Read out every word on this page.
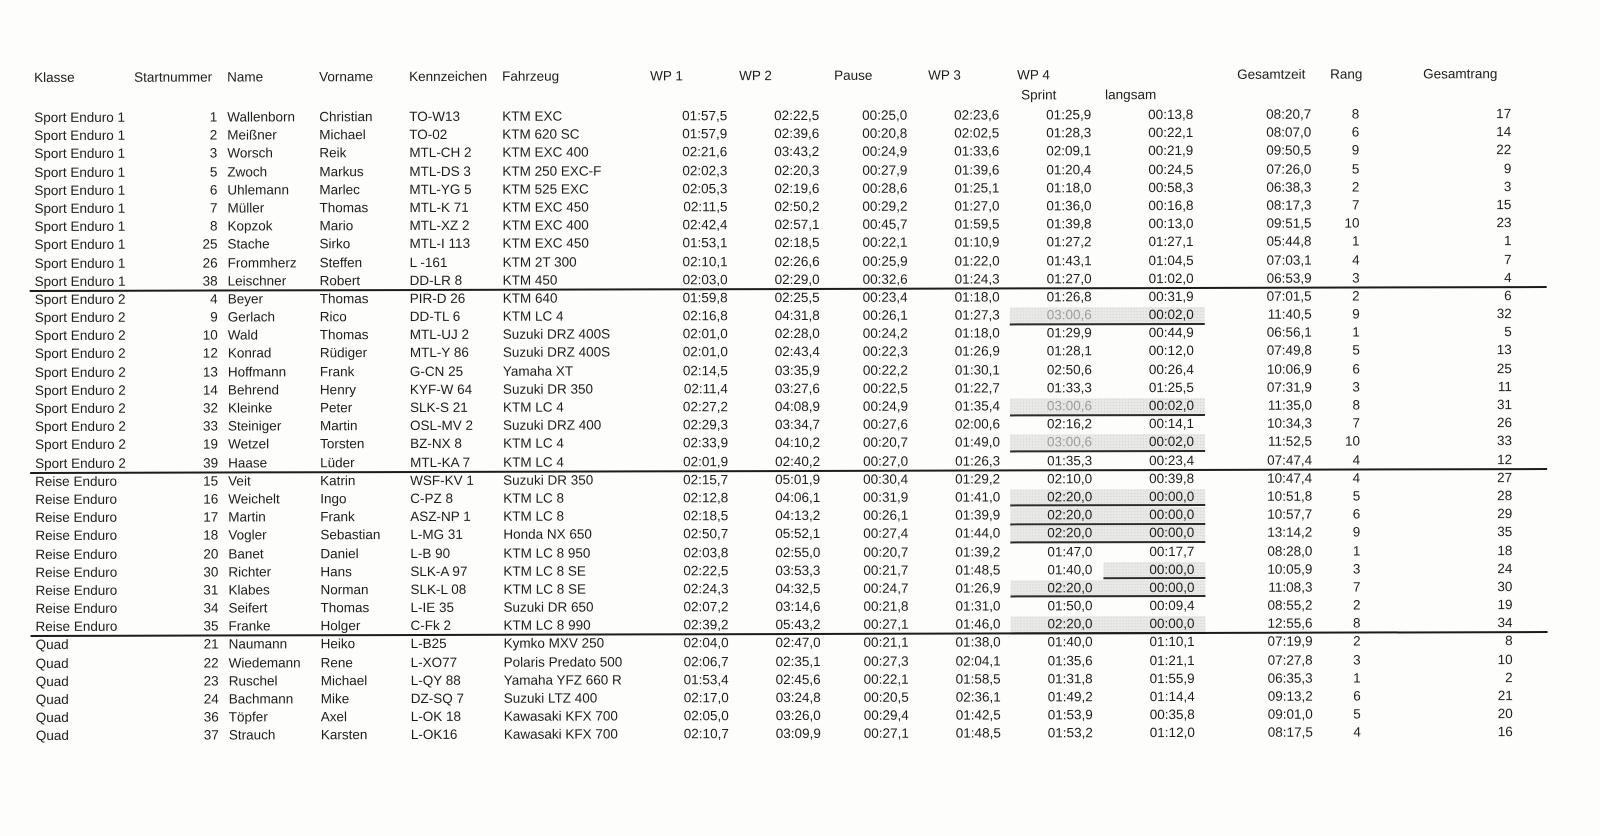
Klasse	Startnummer Name	Vorname	Kennzeichen Fahrzeug	WP 1	WP 2	Pause	WP 3	WP 4
Sprint	langsam
Gesamtzeit Rang	Gesamtrang
Sport Enduro 1	1 Wallenborn	Christian	TO-W13	KTM EXC	01:57,5	02:22,5	00:25,0	02:23,6	01:25,9	00:13,8	08:20,7	8	17
Sport Enduro 1	2 Meißner	Michael	TO-02	KTM 620 SC	01:57,9	02:39,6	00:20,8	02:02,5	01:28,3	00:22,1	08:07,0	6	14
Sport Enduro 1	3 Worsch	Reik	MTL-CH 2	KTM EXC 400	02:21,6	03:43,2	00:24,9	01:33,6	02:09,1	00:21,9	09:50,5	9	22
Sport Enduro 1	5 Zwoch	Markus	MTL-DS 3	KTM 250 EXC-F	02:02,3	02:20,3	00:27,9	01:39,6	01:20,4	00:24,5	07:26,0	5	9
Sport Enduro 1	6 Uhlemann	Marlec	MTL-YG 5	KTM 525 EXC	02:05,3	02:19,6	00:28,6	01:25,1	01:18,0	00:58,3	06:38,3	2	3
Sport Enduro 1	7 Müller	Thomas	MTL-K 71	KTM EXC 450	02:11,5	02:50,2	00:29,2	01:27,0	01:36,0	00:16,8	08:17,3	7	15
Sport Enduro 1	8 Kopzok	Mario	MTL-XZ 2	KTM EXC 400	02:42,4	02:57,1	00:45,7	01:59,5	01:39,8	00:13,0	09:51,5	10	23
Sport Enduro 1	25 Stache	Sirko	MTL-I 113	KTM EXC 450	01:53,1	02:18,5	00:22,1	01:10,9	01:27,2	01:27,1	05:44,8	1	1
Sport Enduro 1	26 Frommherz	Steffen	L -161	KTM 2T 300	02:10,1	02:26,6	00:25,9	01:22,0	01:43,1	01:04,5	07:03,1	4	7
Sport Enduro 1	38 Leischner	Robert	DD-LR 8	KTM 450	02:03,0	02:29,0	00:32,6	01:24,3	01:27,0	01:02,0	06:53,9	3	4
Sport Enduro 2	4 Beyer	Thomas	PIR-D 26	KTM 640	01:59,8	02:25,5	00:23,4	01:18,0	01:26,8	00:31,9	07:01,5	2	6
Sport Enduro 2	9 Gerlach	Rico	DD-TL 6	KTM LC 4	02:16,8	04:31,8	00:26,1	01:27,3	03:00,6	00:02,0	11:40,5	9	32
Sport Enduro 2	10 Wald	Thomas	MTL-UJ 2	Suzuki DRZ 400S	02:01,0	02:28,0	00:24,2	01:18,0	01:29,9	00:44,9	06:56,1	1	5
Sport Enduro 2	12 Konrad	Rüdiger	MTL-Y 86	Suzuki DRZ 400S	02:01,0	02:43,4	00:22,3	01:26,9	01:28,1	00:12,0	07:49,8	5	13
Sport Enduro 2	13 Hoffmann	Frank	G-CN 25	Yamaha XT	02:14,5	03:35,9	00:22,2	01:30,1	02:50,6	00:26,4	10:06,9	6	25
Sport Enduro 2	14 Behrend	Henry	KYF-W 64	Suzuki DR 350	02:11,4	03:27,6	00:22,5	01:22,7	01:33,3	01:25,5	07:31,9	3	11
Sport Enduro 2	32 Kleinke	Peter	SLK-S 21	KTM LC 4	02:27,2	04:08,9	00:24,9	01:35,4	03:00,6	00:02,0	11:35,0	8	31
Sport Enduro 2	33 Steiniger	Martin	OSL-MV 2	Suzuki DRZ 400	02:29,3	03:34,7	00:27,6	02:00,6	02:16,2	00:14,1	10:34,3	7	26
Sport Enduro 2	19 Wetzel	Torsten	BZ-NX 8	KTM LC 4	02:33,9	04:10,2	00:20,7	01:49,0	03:00,6	00:02,0	11:52,5	10	33
Sport Enduro 2	39 Haase	Lüder	MTL-KA 7	KTM LC 4	02:01,9	02:40,2	00:27,0	01:26,3	01:35,3	00:23,4	07:47,4	4	12
Reise Enduro	15 Veit	Katrin	WSF-KV 1	Suzuki DR 350	02:15,7	05:01,9	00:30,4	01:29,2	02:10,0	00:39,8	10:47,4	4	27
Reise Enduro	16 Weichelt	Ingo	C-PZ 8	KTM LC 8	02:12,8	04:06,1	00:31,9	01:41,0	02:20,0	00:00,0	10:51,8	5	28
Reise Enduro	17 Martin	Frank	ASZ-NP 1	KTM LC 8	02:18,5	04:13,2	00:26,1	01:39,9	02:20,0	00:00,0	10:57,7	6	29
Reise Enduro	18 Vogler	Sebastian	L-MG 31	Honda NX 650	02:50,7	05:52,1	00:27,4	01:44,0	02:20,0	00:00,0	13:14,2	9	35
Reise Enduro	20 Banet	Daniel	L-B 90	KTM LC 8 950	02:03,8	02:55,0	00:20,7	01:39,2	01:47,0	00:17,7	08:28,0	1	18
Reise Enduro	30 Richter	Hans	SLK-A 97	KTM LC 8 SE	02:22,5	03:53,3	00:21,7	01:48,5	01:40,0	00:00,0	10:05,9	3	24
Reise Enduro	31 Klabes	Norman	SLK-L 08	KTM LC 8 SE	02:24,3	04:32,5	00:24,7	01:26,9	02:20,0	00:00,0	11:08,3	7	30
Reise Enduro	34 Seifert	Thomas	L-IE 35	Suzuki DR 650	02:07,2	03:14,6	00:21,8	01:31,0	01:50,0	00:09,4	08:55,2	2	19
Reise Enduro	35 Franke	Holger	C-Fk 2	KTM LC 8 990	02:39,2	05:43,2	00:27,1	01:46,0	02:20,0	00:00,0	12:55,6	8	34
Quad	21 Naumann	Heiko	L-B25	Kymko MXV 250	02:04,0	02:47,0	00:21,1	01:38,0	01:40,0	01:10,1	07:19,9	2	8
Quad	22 Wiedemann	Rene	L-XO77	Polaris Predato 500	02:06,7	02:35,1	00:27,3	02:04,1	01:35,6	01:21,1	07:27,8	3	10
Quad	23 Ruschel	Michael	L-QY 88	Yamaha YFZ 660 R	01:53,4	02:45,6	00:22,1	01:58,5	01:31,8	01:55,9	06:35,3	1	2
Quad	24 Bachmann	Mike	DZ-SQ 7	Suzuki LTZ 400	02:17,0	03:24,8	00:20,5	02:36,1	01:49,2	01:14,4	09:13,2	6	21
Quad	36 Töpfer	Axel	L-OK 18	Kawasaki KFX 700	02:05,0	03:26,0	00:29,4	01:42,5	01:53,9	00:35,8	09:01,0	5	20
Quad	37 Strauch	Karsten	L-OK16	Kawasaki KFX 700	02:10,7	03:09,9	00:27,1	01:48,5	01:53,2	01:12,0	08:17,5	4	16
